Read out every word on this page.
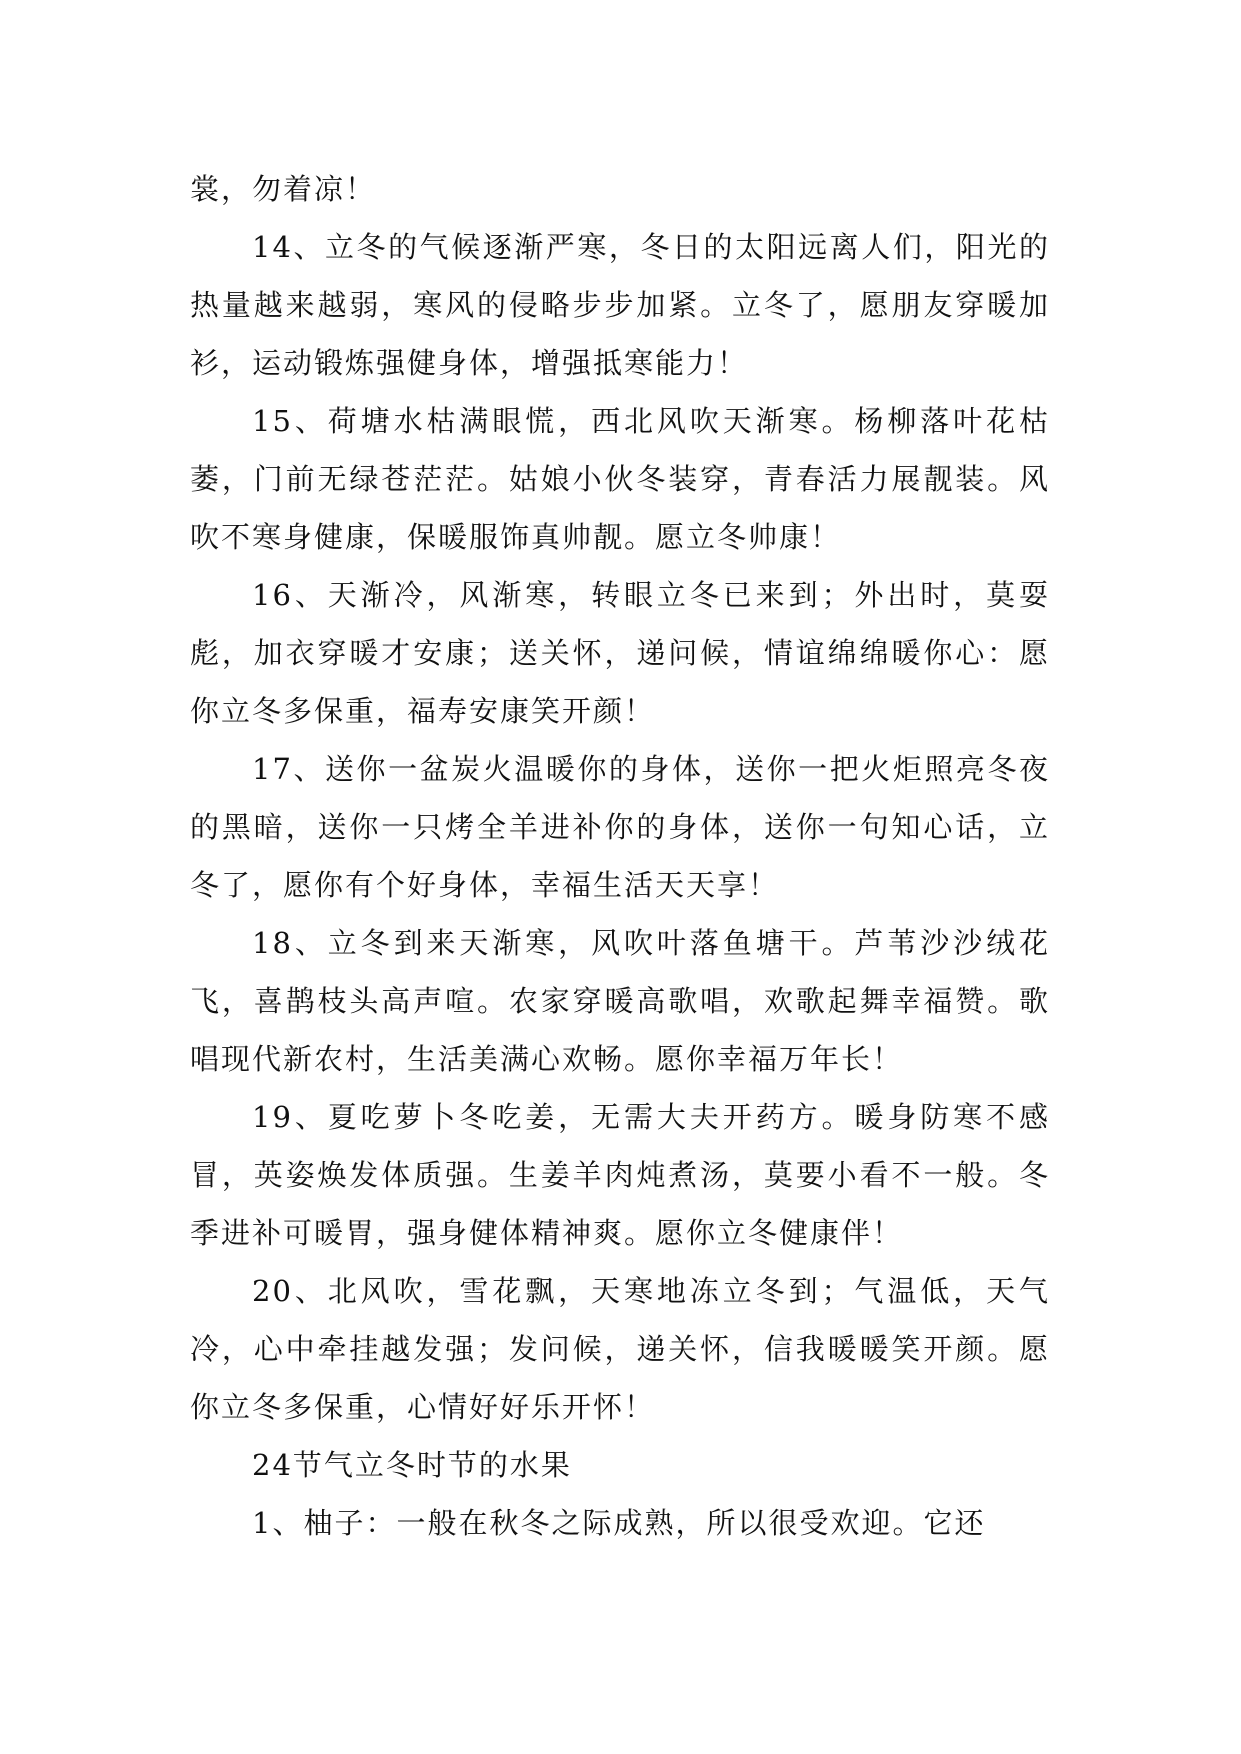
裳，勿着凉！

14、立冬的气候逐渐严寒，冬日的太阳远离人们，阳光的热量越来越弱，寒风的侵略步步加紧。立冬了，愿朋友穿暖加衫，运动锻炼强健身体，增强抵寒能力！

15、荷塘水枯满眼慌，西北风吹天渐寒。杨柳落叶花枯萎，门前无绿苍茫茫。姑娘小伙冬装穿，青春活力展靓装。风吹不寒身健康，保暖服饰真帅靓。愿立冬帅康！

16、天渐冷，风渐寒，转眼立冬已来到；外出时，莫耍彪，加衣穿暖才安康；送关怀，递问候，情谊绵绵暖你心：愿你立冬多保重，福寿安康笑开颜！

17、送你一盆炭火温暖你的身体，送你一把火炬照亮冬夜的黑暗，送你一只烤全羊进补你的身体，送你一句知心话，立冬了，愿你有个好身体，幸福生活天天享！

18、立冬到来天渐寒，风吹叶落鱼塘干。芦苇沙沙绒花飞，喜鹊枝头高声喧。农家穿暖高歌唱，欢歌起舞幸福赞。歌唱现代新农村，生活美满心欢畅。愿你幸福万年长！

19、夏吃萝卜冬吃姜，无需大夫开药方。暖身防寒不感冒，英姿焕发体质强。生姜羊肉炖煮汤，莫要小看不一般。冬季进补可暖胃，强身健体精神爽。愿你立冬健康伴！

20、北风吹，雪花飘，天寒地冻立冬到；气温低，天气冷，心中牵挂越发强；发问候，递关怀，信我暖暖笑开颜。愿你立冬多保重，心情好好乐开怀！

24节气立冬时节的水果

1、柚子：一般在秋冬之际成熟，所以很受欢迎。它还
